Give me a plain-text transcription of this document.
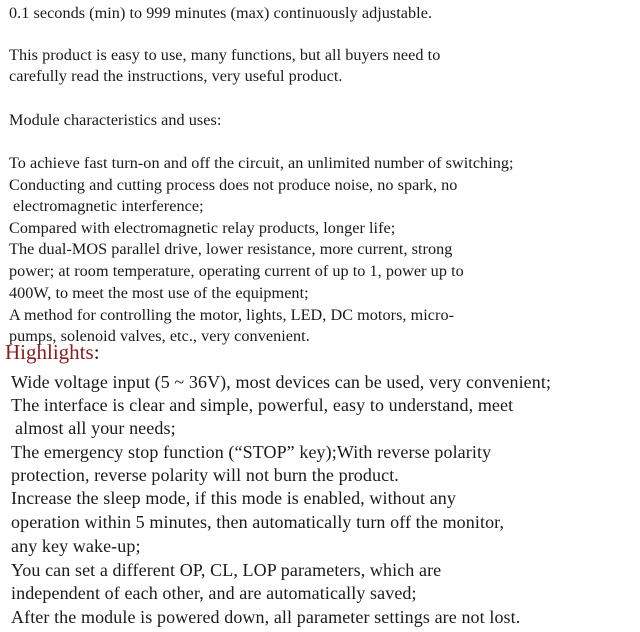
0.1 seconds (min) to 999 minutes (max) continuously adjustable.
This product is easy to use, many functions, but all buyers need to
carefully read the instructions, very useful product.
Module characteristics and uses:
To achieve fast turn-on and off the circuit, an unlimited number of switching;
Conducting and cutting process does not produce noise, no spark, no
electromagnetic interference;
Compared with electromagnetic relay products, longer life;
The dual-MOS parallel drive, lower resistance, more current, strong
power; at room temperature, operating current of up to 1, power up to
400W, to meet the most use of the equipment;
A method for controlling the motor, lights, LED, DC motors, micro-
pumps, solenoid valves, etc., very convenient.
Highlights:
Wide voltage input (5 ~ 36V), most devices can be used, very convenient;
The interface is clear and simple, powerful, easy to understand, meet
almost all your needs;
The emergency stop function (“STOP” key);With reverse polarity
protection, reverse polarity will not burn the product.
Increase the sleep mode, if this mode is enabled, without any
operation within 5 minutes, then automatically turn off the monitor,
any key wake-up;
You can set a different OP, CL, LOP parameters, which are
independent of each other, and are automatically saved;
After the module is powered down, all parameter settings are not lost.
